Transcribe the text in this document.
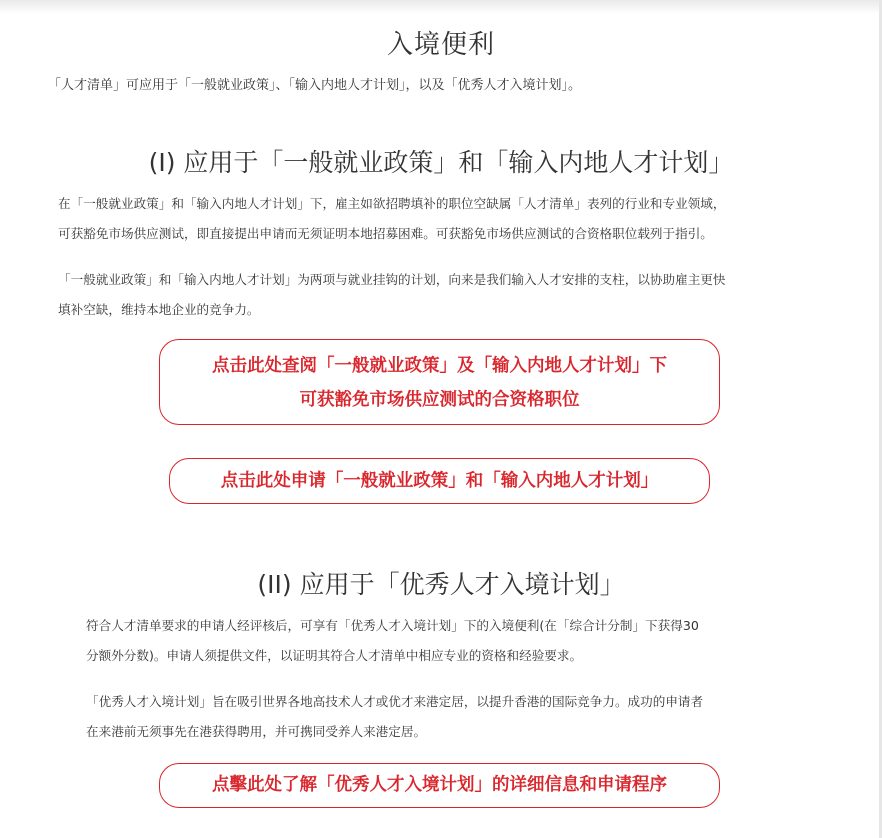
入境便利
「人才清单」可应用于「一般就业政策」、「输入内地人才计划」，以及「优秀人才入境计划」。
(I) 应用于「一般就业政策」和「输入内地人才计划」
在「一般就业政策」和「输入内地人才计划」下，雇主如欲招聘填补的职位空缺属「人才清单」表列的行业和专业领域，
可获豁免市场供应测试，即直接提出申请而无须证明本地招募困难。可获豁免市场供应测试的合资格职位载列于指引。
「一般就业政策」和「输入内地人才计划」为两项与就业挂钩的计划，向来是我们输入人才安排的支柱，以协助雇主更快
填补空缺，维持本地企业的竞争力。
点击此处查阅「一般就业政策」及「输入内地人才计划」下
可获豁免市场供应测试的合资格职位
点击此处申请「一般就业政策」和「输入内地人才计划」
(II) 应用于「优秀人才入境计划」
符合人才清单要求的申请人经评核后，可享有「优秀人才入境计划」下的入境便利(在「综合计分制」下获得30
分额外分数)。申请人须提供文件，以证明其符合人才清单中相应专业的资格和经验要求。
「优秀人才入境计划」旨在吸引世界各地高技术人才或优才来港定居，以提升香港的国际竞争力。成功的申请者
在来港前无须事先在港获得聘用，并可携同受养人来港定居。
点擊此处了解「优秀人才入境计划」的详细信息和申请程序
